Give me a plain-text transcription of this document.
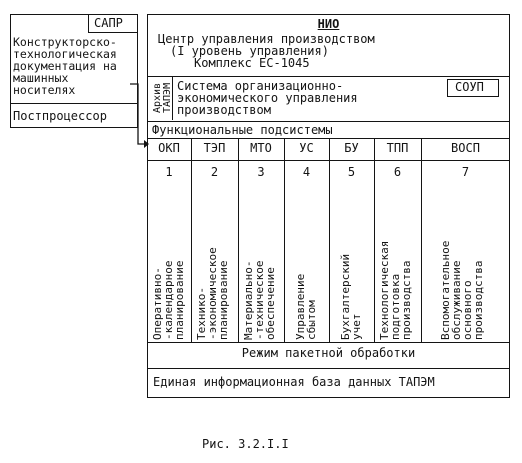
САПР
Конструкторско-
технологическая
документация на
машинных
носителях
Постпроцессор
НИО
Центр управления производством
(I уровень управления)
Комплекс ЕС-1045
Архив
ТАПЭМ Система организационно-
экономического управления
производством
СОУП
Функциональные подсистемы
ОКП
1
Оперативно-
-календарное
планирование
ТЭП
2
Технико-
-экономическое
планирование
МТО
3
Материально-
-техническое
обеспечение
УС
4
Управление
сбытом
БУ
5
Бухгалтерский
учет
ТПП
6
Технологическая
подготовка
производства
ВОСП
7
Вспомогательное
обслуживание
основного
производства
Режим пакетной обработки
Единая информационная база данных ТАПЭМ
Рис. 3.2.I.I
